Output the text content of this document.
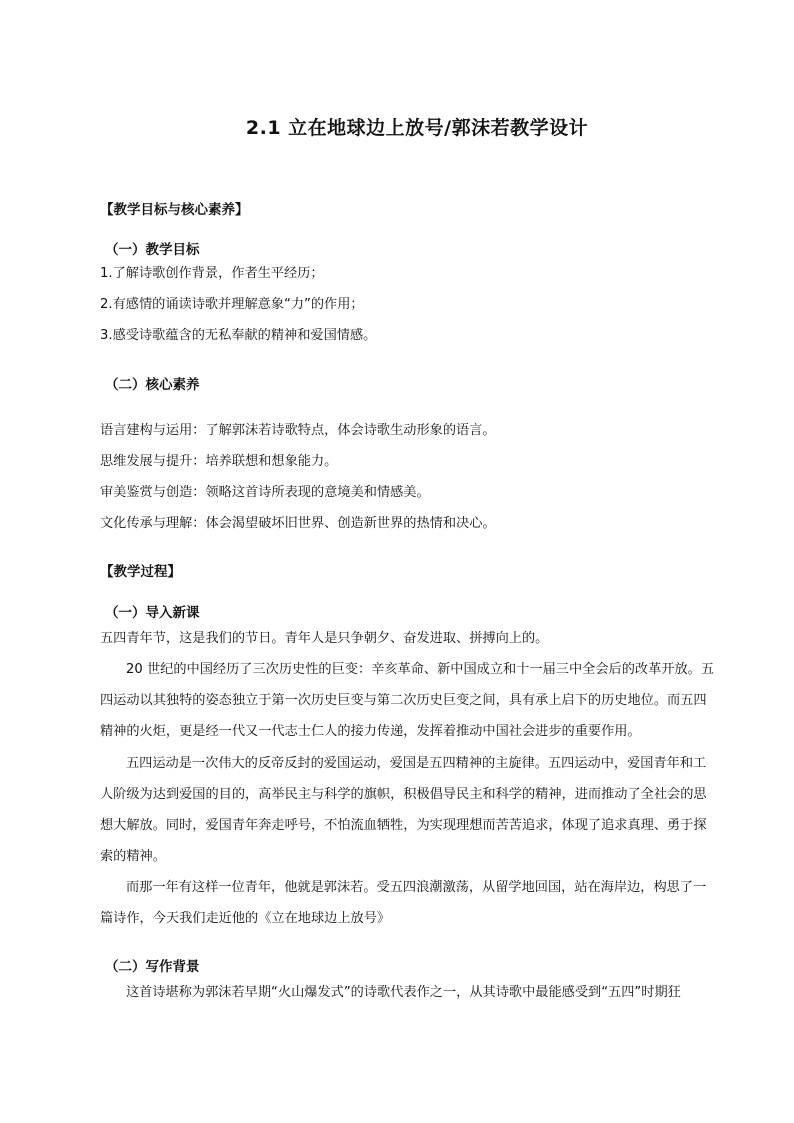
2.1 立在地球边上放号/郭沫若教学设计
【教学目标与核心素养】
（一）教学目标
1.了解诗歌创作背景，作者生平经历；
2.有感情的诵读诗歌并理解意象“力”的作用；
3.感受诗歌蕴含的无私奉献的精神和爱国情感。
（二）核心素养
语言建构与运用：了解郭沫若诗歌特点，体会诗歌生动形象的语言。
思维发展与提升：培养联想和想象能力。
审美鉴赏与创造：领略这首诗所表现的意境美和情感美。
文化传承与理解：体会渴望破坏旧世界、创造新世界的热情和决心。
【教学过程】
（一）导入新课
五四青年节，这是我们的节日。青年人是只争朝夕、奋发进取、拼搏向上的。
20 世纪的中国经历了三次历史性的巨变：辛亥革命、新中国成立和十一届三中全会后的改革开放。五
四运动以其独特的姿态独立于第一次历史巨变与第二次历史巨变之间，具有承上启下的历史地位。而五四
精神的火炬，更是经一代又一代志士仁人的接力传递，发挥着推动中国社会进步的重要作用。
五四运动是一次伟大的反帝反封的爱国运动，爱国是五四精神的主旋律。五四运动中，爱国青年和工
人阶级为达到爱国的目的，高举民主与科学的旗帜，积极倡导民主和科学的精神，进而推动了全社会的思
想大解放。同时，爱国青年奔走呼号，不怕流血牺牲，为实现理想而苦苦追求，体现了追求真理、勇于探
索的精神。
而那一年有这样一位青年，他就是郭沫若。受五四浪潮激荡，从留学地回国，站在海岸边，构思了一
篇诗作，今天我们走近他的《立在地球边上放号》
（二）写作背景
这首诗堪称为郭沫若早期“火山爆发式”的诗歌代表作之一，从其诗歌中最能感受到“五四”时期狂
